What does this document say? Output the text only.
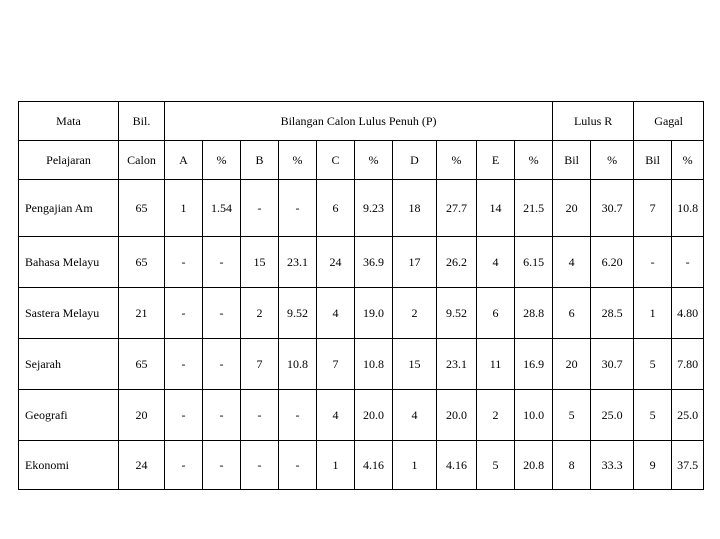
Mata	Bil.	Bilangan Calon Lulus Penuh (P)										Lulus R		Gagal	
Pelajaran	Calon	A	%	B	%	C	%	D	%	E	%	Bil	%	Bil	%
Pengajian Am	65	1	1.54	-	-	6	9.23	18	27.7	14	21.5	20	30.7	7	10.8
Bahasa Melayu	65	-	-	15	23.1	24	36.9	17	26.2	4	6.15	4	6.20	-	-
Sastera Melayu	21	-	-	2	9.52	4	19.0	2	9.52	6	28.8	6	28.5	1	4.80
Sejarah	65	-	-	7	10.8	7	10.8	15	23.1	11	16.9	20	30.7	5	7.80
Geografi	20	-	-	-	-	4	20.0	4	20.0	2	10.0	5	25.0	5	25.0
Ekonomi	24	-	-	-	-	1	4.16	1	4.16	5	20.8	8	33.3	9	37.5
